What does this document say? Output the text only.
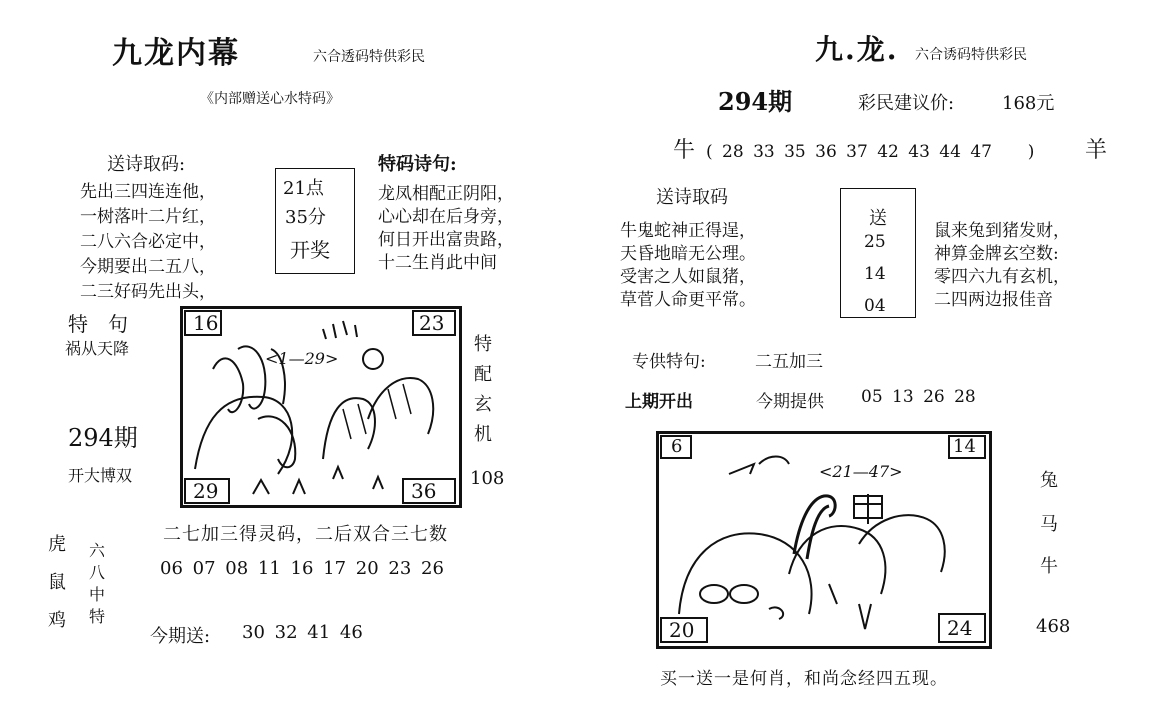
九龙内幕	六合透码特供彩民
《内部赠送心水特码》
送诗取码:
先出三四连连他，
一树落叶二片红，
二八六合必定中，
今期要出二五八，
二三好码先出头，
21点
35分
开奖
特码诗句:
龙凤相配正阴阳，
心心却在后身旁，
何日开出富贵路，
十二生肖此中间
特　句
祸从天降
294期
开大博双
16	23
29	36
<1—29>
特配玄机
108
二七加三得灵码，二后双合三七数
06 07 08 11 16 17 20 23 26
虎鼠鸡
六八中特
今期送: 30 32 41 46
九.龙. 六合诱码特供彩民
294期	彩民建议价:	168元
牛 ( 28 33 35 36 37 42 43 44 47 　 ) 羊
送诗取码
牛鬼蛇神正得逞，
天昏地暗无公理。
受害之人如鼠猪，
草菅人命更平常。
送
25
14
04
鼠来兔到猪发财，
神算金牌玄空数:
零四六九有玄机，
二四两边报佳音
专供特句:	二五加三
上期开出	今期提供 05 13 26 28
6	14
20	24
<21—47>	兔
马
牛
468
买一送一是何肖，和尚念经四五现。
